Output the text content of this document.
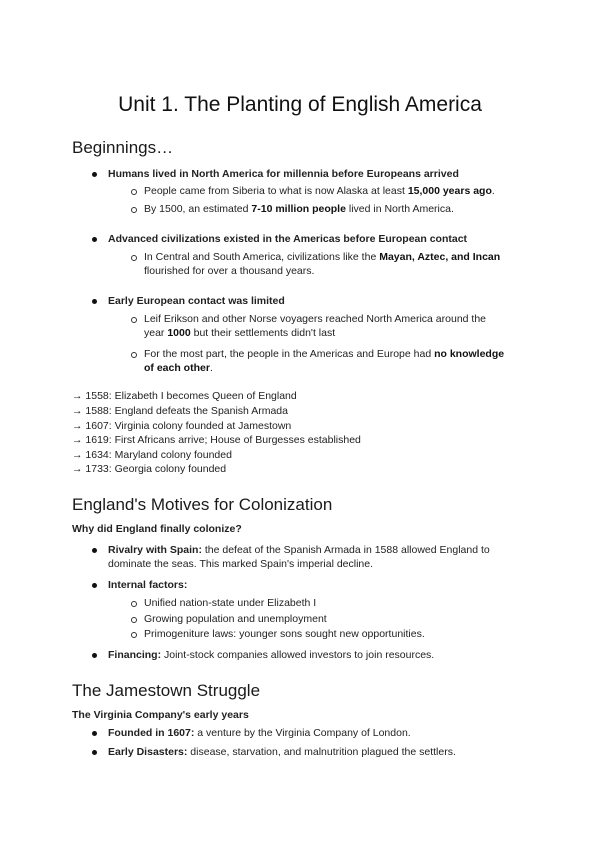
Unit 1. The Planting of English America
Beginnings…
Humans lived in North America for millennia before Europeans arrived
People came from Siberia to what is now Alaska at least 15,000 years ago.
By 1500, an estimated 7-10 million people lived in North America.
Advanced civilizations existed in the Americas before European contact
In Central and South America, civilizations like the Mayan, Aztec, and Incan
flourished for over a thousand years.
Early European contact was limited
Leif Erikson and other Norse voyagers reached North America around the
year 1000 but their settlements didn't last
For the most part, the people in the Americas and Europe had no knowledge
of each other.
→ 1558: Elizabeth I becomes Queen of England
→ 1588: England defeats the Spanish Armada
→ 1607: Virginia colony founded at Jamestown
→ 1619: First Africans arrive; House of Burgesses established
→ 1634: Maryland colony founded
→ 1733: Georgia colony founded
England's Motives for Colonization
Why did England finally colonize?
Rivalry with Spain: the defeat of the Spanish Armada in 1588 allowed England to
dominate the seas. This marked Spain's imperial decline.
Internal factors:
Unified nation-state under Elizabeth I
Growing population and unemployment
Primogeniture laws: younger sons sought new opportunities.
Financing: Joint-stock companies allowed investors to join resources.
The Jamestown Struggle
The Virginia Company's early years
Founded in 1607: a venture by the Virginia Company of London.
Early Disasters: disease, starvation, and malnutrition plagued the settlers.
